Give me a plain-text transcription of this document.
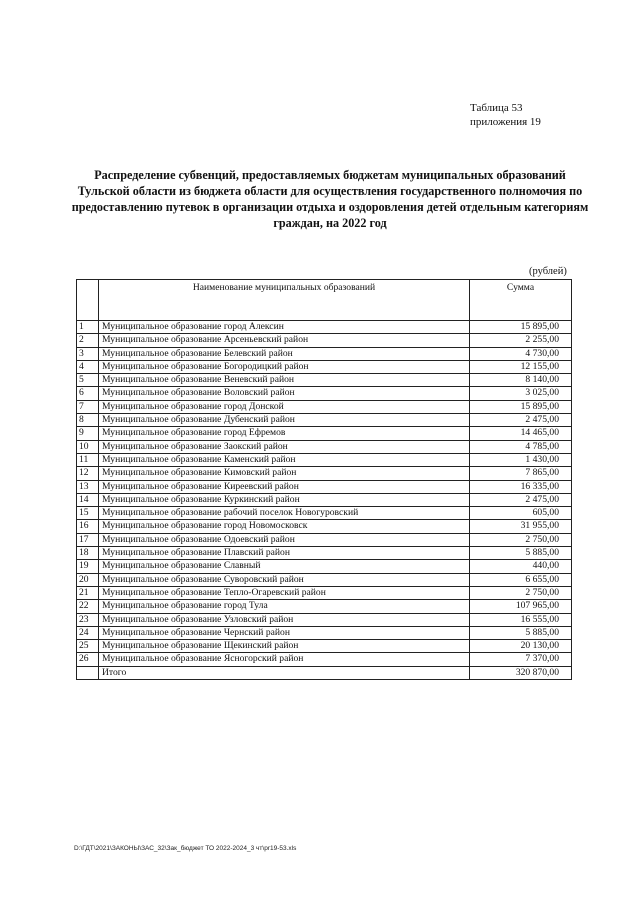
Таблица 53
приложения 19
Распределение субвенций, предоставляемых бюджетам муниципальных образований Тульской области из бюджета области для осуществления государственного полномочия по предоставлению путевок в организации отдыха и оздоровления детей отдельным категориям граждан, на 2022 год
(рублей)
	Наименование муниципальных образований	Сумма
1	Муниципальное образование город Алексин	15 895,00
2	Муниципальное образование Арсеньевский район	2 255,00
3	Муниципальное образование Белевский район	4 730,00
4	Муниципальное образование Богородицкий район	12 155,00
5	Муниципальное образование Веневский район	8 140,00
6	Муниципальное образование Воловский район	3 025,00
7	Муниципальное образование город Донской	15 895,00
8	Муниципальное образование Дубенский район	2 475,00
9	Муниципальное образование город Ефремов	14 465,00
10	Муниципальное образование Заокский район	4 785,00
11	Муниципальное образование Каменский район	1 430,00
12	Муниципальное образование Кимовский район	7 865,00
13	Муниципальное образование Киреевский район	16 335,00
14	Муниципальное образование Куркинский район	2 475,00
15	Муниципальное образование рабочий поселок Новогуровский	605,00
16	Муниципальное образование город Новомосковск	31 955,00
17	Муниципальное образование Одоевский район	2 750,00
18	Муниципальное образование Плавский район	5 885,00
19	Муниципальное образование Славный	440,00
20	Муниципальное образование Суворовский район	6 655,00
21	Муниципальное образование Тепло-Огаревский район	2 750,00
22	Муниципальное образование город Тула	107 965,00
23	Муниципальное образование Узловский район	16 555,00
24	Муниципальное образование Чернский район	5 885,00
25	Муниципальное образование Щекинский район	20 130,00
26	Муниципальное образование Ясногорский район	7 370,00
	Итого	320 870,00
D:\ГДТ\2021\ЗАКОНЫ\ЗАС_32\Зак_бюджет ТО 2022-2024_3 чт\pr19-53.xls
